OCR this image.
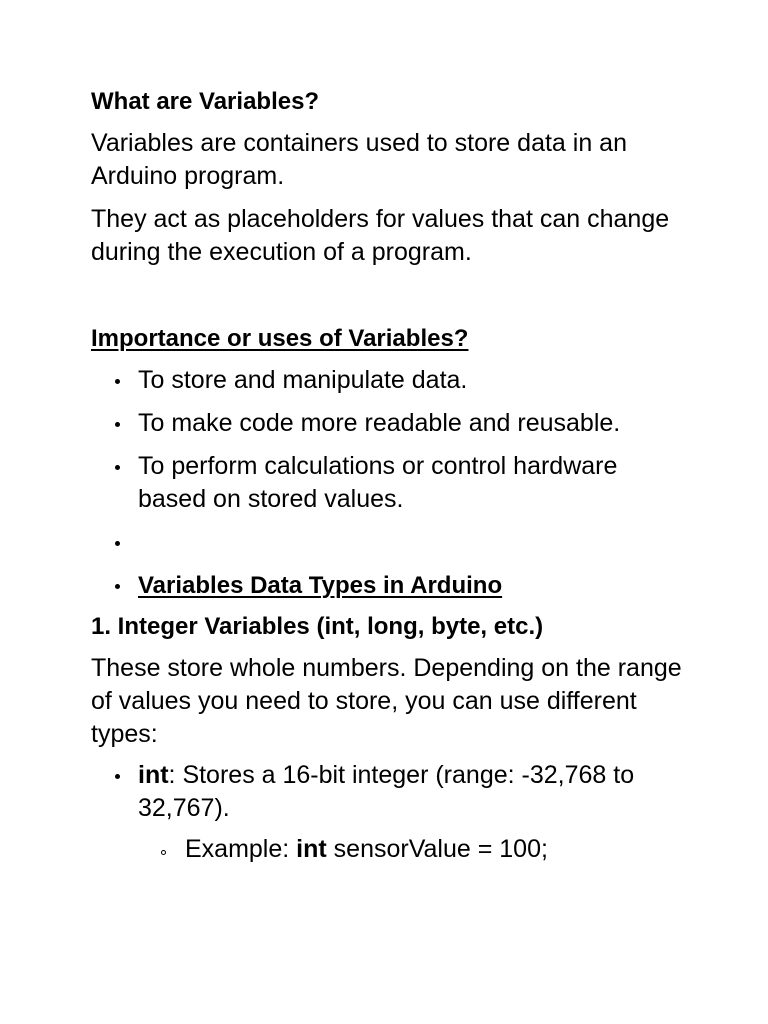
What are Variables?

Variables are containers used to store data in an Arduino program.

They act as placeholders for values that can change during the execution of a program.

Importance or uses of Variables?
To store and manipulate data.
To make code more readable and reusable.
To perform calculations or control hardware based on stored values.
Variables Data Types in Arduino
1. Integer Variables (int, long, byte, etc.)

These store whole numbers. Depending on the range of values you need to store, you can use different types:

int: Stores a 16-bit integer (range: -32,768 to 32,767).
Example: int sensorValue = 100;
